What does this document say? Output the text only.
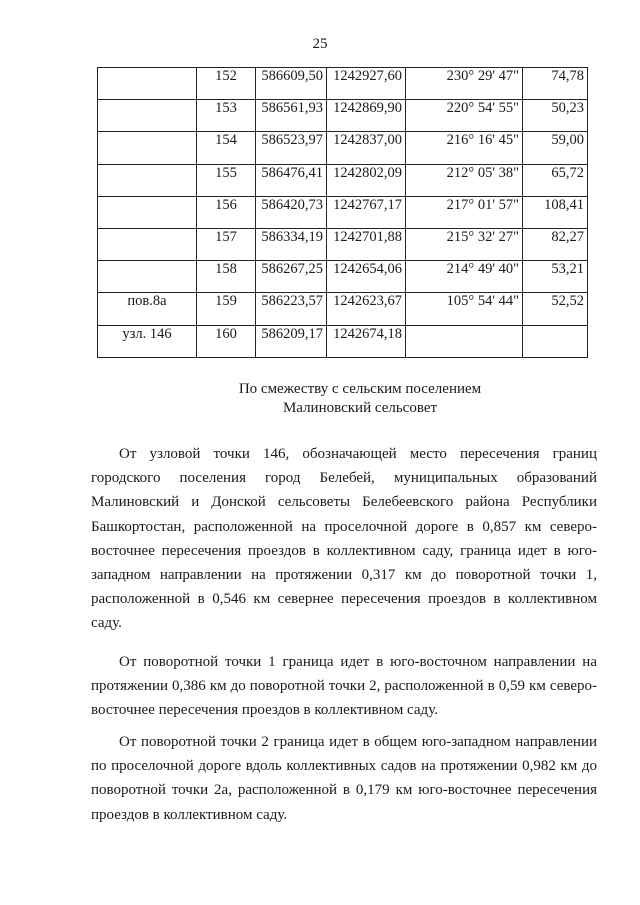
25
	152	586609,50	1242927,60	230° 29' 47"	74,78
	153	586561,93	1242869,90	220° 54' 55"	50,23
	154	586523,97	1242837,00	216° 16' 45"	59,00
	155	586476,41	1242802,09	212° 05' 38"	65,72
	156	586420,73	1242767,17	217° 01' 57"	108,41
	157	586334,19	1242701,88	215° 32' 27"	82,27
	158	586267,25	1242654,06	214° 49' 40"	53,21
пов.8а	159	586223,57	1242623,67	105° 54' 44"	52,52
узл. 146	160	586209,17	1242674,18		
По смежеству с сельским поселением
Малиновский сельсовет

От узловой точки 146, обозначающей место пересечения границ городского поселения город Белебей, муниципальных образований Малиновский и Донской сельсоветы Белебеевского района Республики Башкортостан, расположенной на проселочной дороге в 0,857 км северо-восточнее пересечения проездов в коллективном саду, граница идет в юго-западном направлении на протяжении 0,317 км до поворотной точки 1, расположенной в 0,546 км севернее пересечения проездов в коллективном саду.

От поворотной точки 1 граница идет в юго-восточном направлении на протяжении 0,386 км до поворотной точки 2, расположенной в 0,59 км северо-восточнее пересечения проездов в коллективном саду.

От поворотной точки 2 граница идет в общем юго-западном направлении по проселочной дороге вдоль коллективных садов на протяжении 0,982 км до поворотной точки 2а, расположенной в 0,179 км юго-восточнее пересечения проездов в коллективном саду.
